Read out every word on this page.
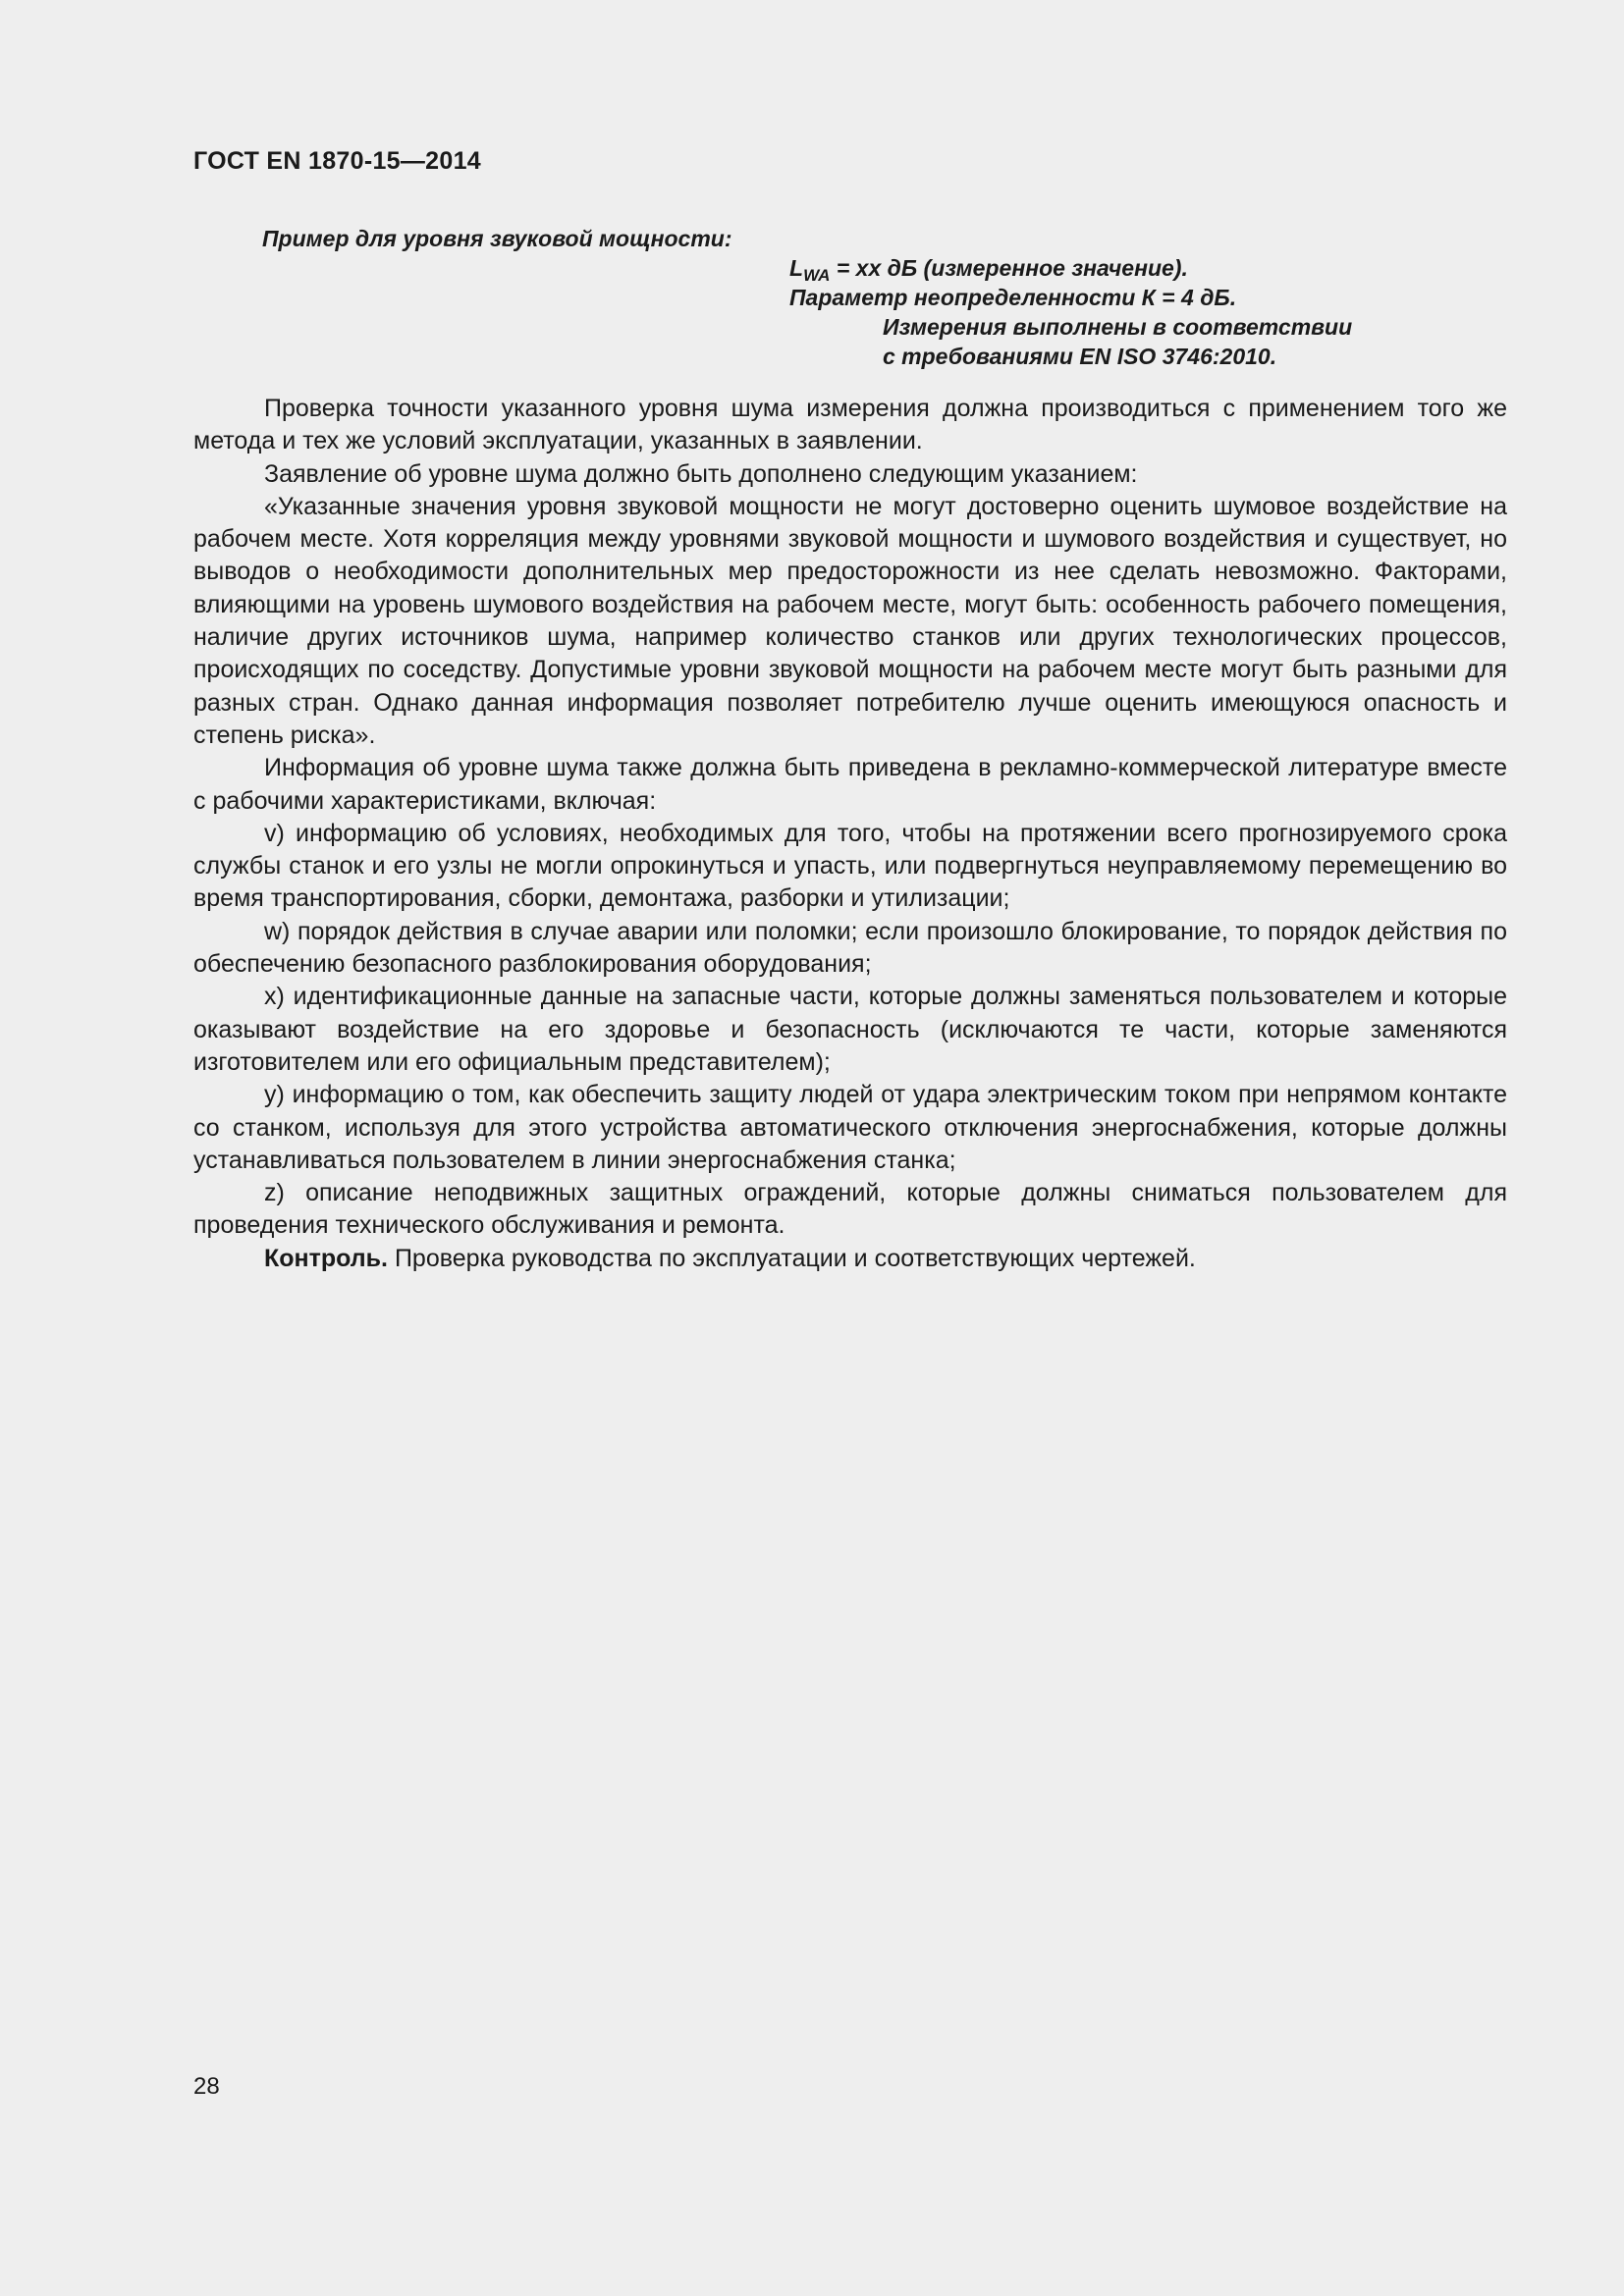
ГОСТ EN 1870-15—2014
Пример для уровня звуковой мощности:
$L_{WA}$ = xx дБ (измеренное значение).
Параметр неопределенности К = 4 дБ.
Измерения выполнены в соответствии
с требованиями EN ISO 3746:2010.

Проверка точности указанного уровня шума измерения должна производиться с применением того же метода и тех же условий эксплуатации, указанных в заявлении.

Заявление об уровне шума должно быть дополнено следующим указанием:

«Указанные значения уровня звуковой мощности не могут достоверно оценить шумовое воздействие на рабочем месте. Хотя корреляция между уровнями звуковой мощности и шумового воздействия и существует, но выводов о необходимости дополнительных мер предосторожности из нее сделать невозможно. Факторами, влияющими на уровень шумового воздействия на рабочем месте, могут быть: особенность рабочего помещения, наличие других источников шума, например количество станков или других технологических процессов, происходящих по соседству. Допустимые уровни звуковой мощности на рабочем месте могут быть разными для разных стран. Однако данная информация позволяет потребителю лучше оценить имеющуюся опасность и степень риска».

Информация об уровне шума также должна быть приведена в рекламно-коммерческой литературе вместе с рабочими характеристиками, включая:

v) информацию об условиях, необходимых для того, чтобы на протяжении всего прогнозируемого срока службы станок и его узлы не могли опрокинуться и упасть, или подвергнуться неуправляемому перемещению во время транспортирования, сборки, демонтажа, разборки и утилизации;

w) порядок действия в случае аварии или поломки; если произошло блокирование, то порядок действия по обеспечению безопасного разблокирования оборудования;

x) идентификационные данные на запасные части, которые должны заменяться пользователем и которые оказывают воздействие на его здоровье и безопасность (исключаются те части, которые заменяются изготовителем или его официальным представителем);

y) информацию о том, как обеспечить защиту людей от удара электрическим током при непрямом контакте со станком, используя для этого устройства автоматического отключения энергоснабжения, которые должны устанавливаться пользователем в линии энергоснабжения станка;

z) описание неподвижных защитных ограждений, которые должны сниматься пользователем для проведения технического обслуживания и ремонта.

Контроль. Проверка руководства по эксплуатации и соответствующих чертежей.

28
